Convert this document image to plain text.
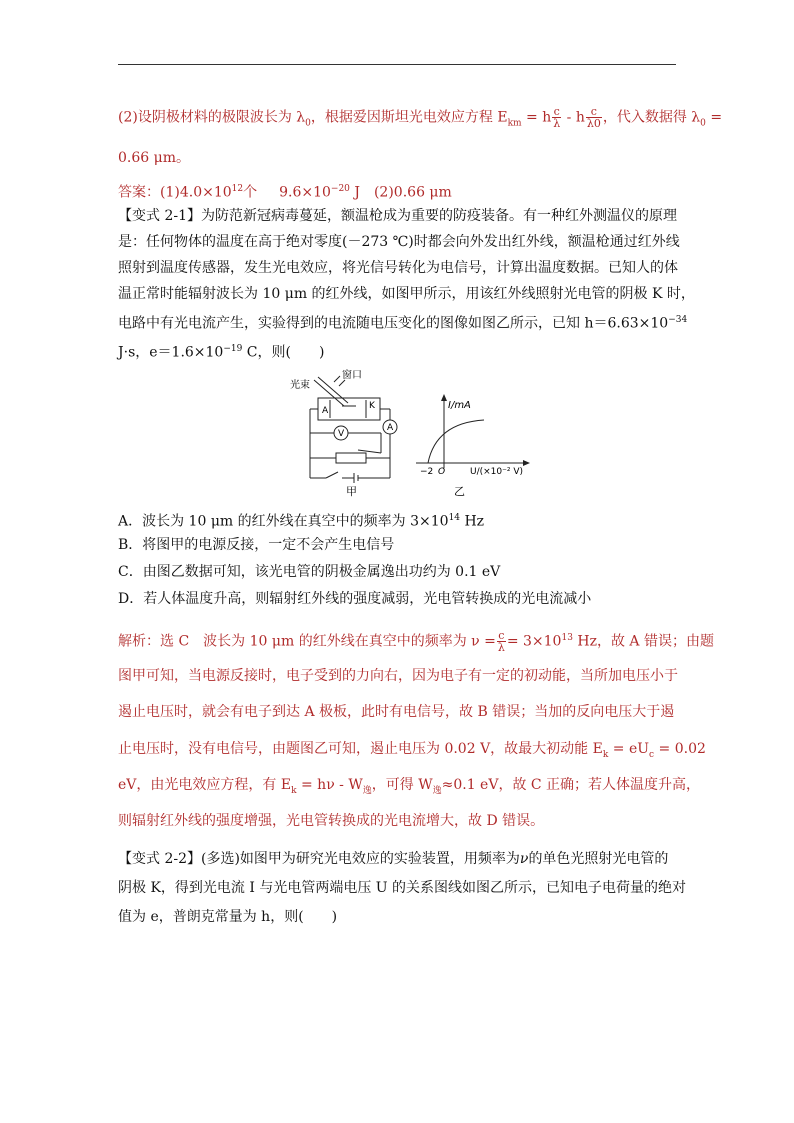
(2)设阴极材料的极限波长为 $\lambda_0$，根据爱因斯坦光电效应方程 $E_{km} = h \frac{c}{\lambda} - h \frac{c}{\lambda 0}$ ，代入数据得 $\lambda_0$ =
0.66 μm。
答案：$(1)4.0\times 10^{12}$个 $9.6\times 10^{-20}$ J (2)0.66 μm
【变式 2-1】为防范新冠病毒蔓延，额温枪成为重要的防疫装备。有一种红外测温仪的原理
是：任何物体的温度在高于绝对零度(－273 ℃)时都会向外发出红外线，额温枪通过红外线
照射到温度传感器，发生光电效应，将光信号转化为电信号，计算出温度数据。已知人的体
温正常时能辐射波长为 10 μm 的红外线，如图甲所示，用该红外线照射光电管的阴极 K 时，
电路中有光电流产生，实验得到的电流随电压变化的图像如图乙所示，已知 $h=6.63\times 10^{-34}$
J·s，$e=1.6\times 10^{-19}$ C，则(　　)
光束
窗口
A	K
A
V
I/mA
O
−2	U/(×10⁻² V)
甲	乙
A．波长为 10 μm 的红外线在真空中的频率为 $3\times 10^{14}$ Hz
B．将图甲的电源反接，一定不会产生电信号
C．由图乙数据可知，该光电管的阴极金属逸出功约为 0.1 eV
D．若人体温度升高，则辐射红外线的强度减弱，光电管转换成的光电流减小
解析：选 C　波长为 10 μm 的红外线在真空中的频率为 $\nu = \frac{c}{\lambda} = 3\times 10^{13}$ Hz，故 A 错误；由题
图甲可知，当电源反接时，电子受到的力向右，因为电子有一定的初动能，当所加电压小于
遏止电压时，就会有电子到达 A 极板，此时有电信号，故 B 错误；当加的反向电压大于遏
止电压时，没有电信号，由题图乙可知，遏止电压为 0.02 V，故最大初动能 $E_k = eU_c = 0.02$
eV，由光电效应方程，有 $E_k = h\nu - W_逸$，可得 $W_逸\approx 0.1$ eV，故 C 正确；若人体温度升高，
则辐射红外线的强度增强，光电管转换成的光电流增大，故 D 错误。
【变式 2-2】(多选)如图甲为研究光电效应的实验装置，用频率为ν的单色光照射光电管的
阴极 K，得到光电流 I 与光电管两端电压 U 的关系图线如图乙所示，已知电子电荷量的绝对
值为 e，普朗克常量为 h，则(　　)
